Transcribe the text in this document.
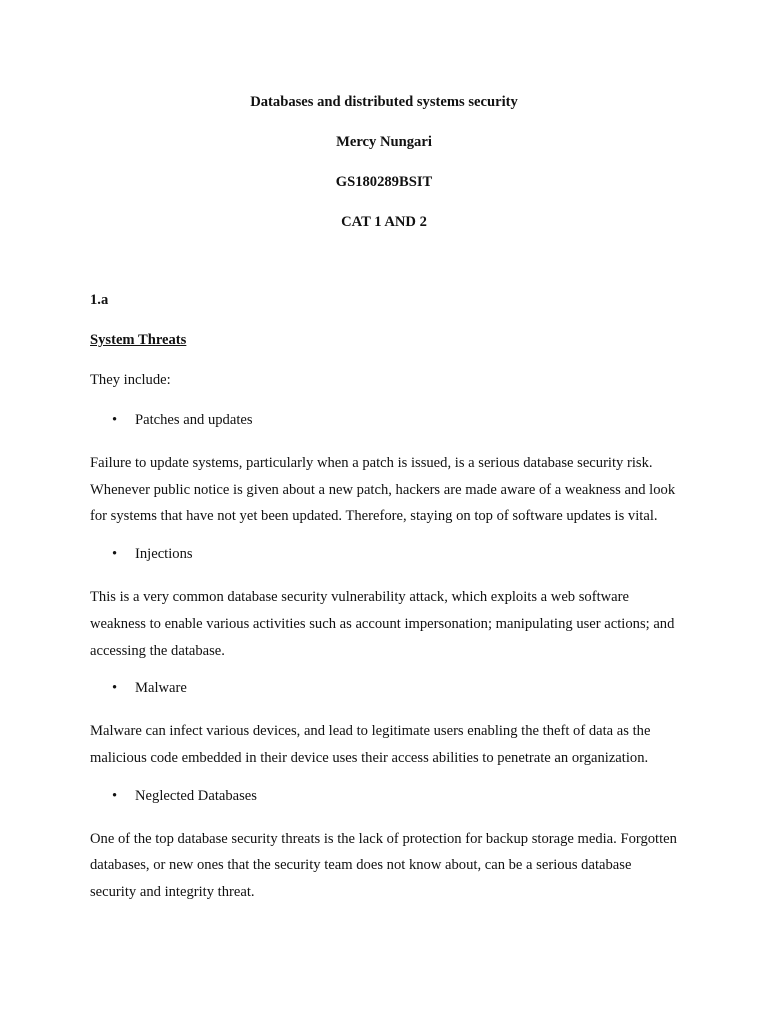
Databases and distributed systems security
Mercy Nungari
GS180289BSIT
CAT 1 AND 2
1.a
System Threats
They include:
• Patches and updates

Failure to update systems, particularly when a patch is issued, is a serious database security risk. Whenever public notice is given about a new patch, hackers are made aware of a weakness and look for systems that have not yet been updated. Therefore, staying on top of software updates is vital.

• Injections

This is a very common database security vulnerability attack, which exploits a web software weakness to enable various activities such as account impersonation; manipulating user actions; and accessing the database.

• Malware

Malware can infect various devices, and lead to legitimate users enabling the theft of data as the malicious code embedded in their device uses their access abilities to penetrate an organization.

• Neglected Databases

One of the top database security threats is the lack of protection for backup storage media. Forgotten databases, or new ones that the security team does not know about, can be a serious database security and integrity threat.
